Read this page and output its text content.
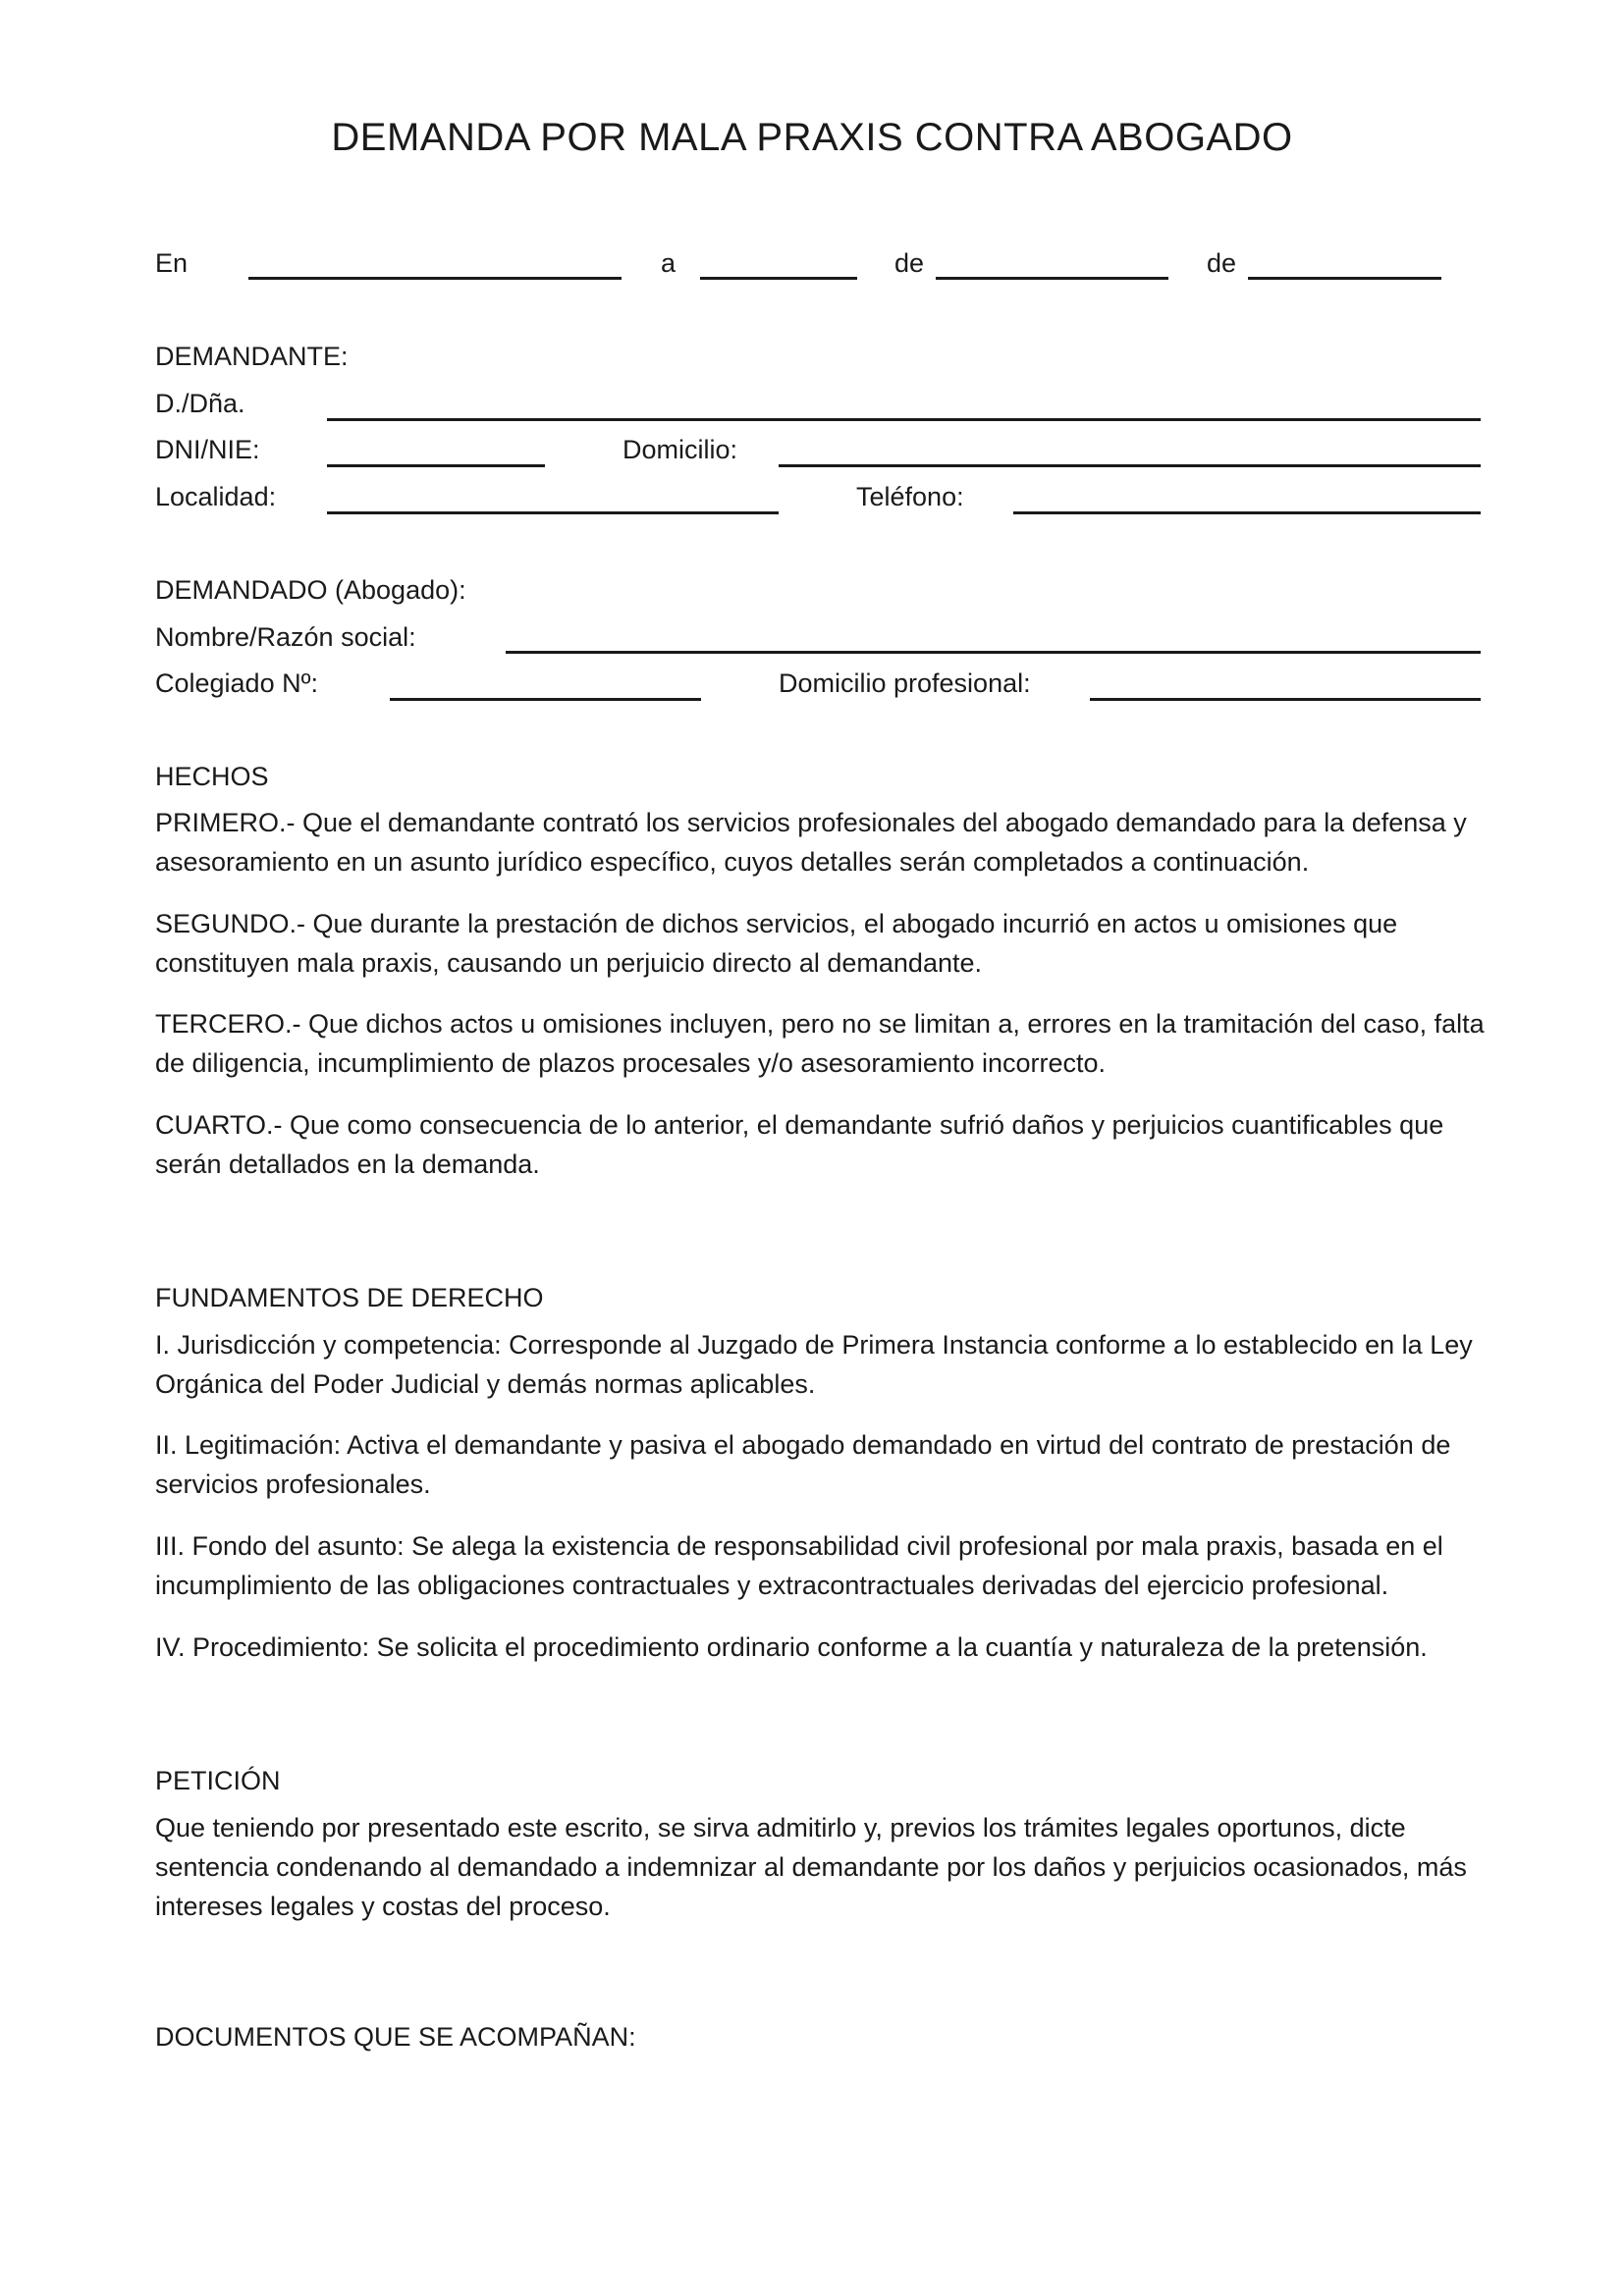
DEMANDA POR MALA PRAXIS CONTRA ABOGADO
En	a	de	de
DEMANDANTE:
D./Dña.
DNI/NIE:	Domicilio:
Localidad:	Teléfono:
DEMANDADO (Abogado):
Nombre/Razón social:
Colegiado Nº:	Domicilio profesional:
HECHOS

PRIMERO.- Que el demandante contrató los servicios profesionales del abogado demandado para la defensa y asesoramiento en un asunto jurídico específico, cuyos detalles serán completados a continuación.

SEGUNDO.- Que durante la prestación de dichos servicios, el abogado incurrió en actos u omisiones que constituyen mala praxis, causando un perjuicio directo al demandante.

TERCERO.- Que dichos actos u omisiones incluyen, pero no se limitan a, errores en la tramitación del caso, falta de diligencia, incumplimiento de plazos procesales y/o asesoramiento incorrecto.

CUARTO.- Que como consecuencia de lo anterior, el demandante sufrió daños y perjuicios cuantificables que serán detallados en la demanda.

FUNDAMENTOS DE DERECHO

I. Jurisdicción y competencia: Corresponde al Juzgado de Primera Instancia conforme a lo establecido en la Ley Orgánica del Poder Judicial y demás normas aplicables.

II. Legitimación: Activa el demandante y pasiva el abogado demandado en virtud del contrato de prestación de servicios profesionales.

III. Fondo del asunto: Se alega la existencia de responsabilidad civil profesional por mala praxis, basada en el incumplimiento de las obligaciones contractuales y extracontractuales derivadas del ejercicio profesional.

IV. Procedimiento: Se solicita el procedimiento ordinario conforme a la cuantía y naturaleza de la pretensión.

PETICIÓN

Que teniendo por presentado este escrito, se sirva admitirlo y, previos los trámites legales oportunos, dicte sentencia condenando al demandado a indemnizar al demandante por los daños y perjuicios ocasionados, más intereses legales y costas del proceso.

DOCUMENTOS QUE SE ACOMPAÑAN:
